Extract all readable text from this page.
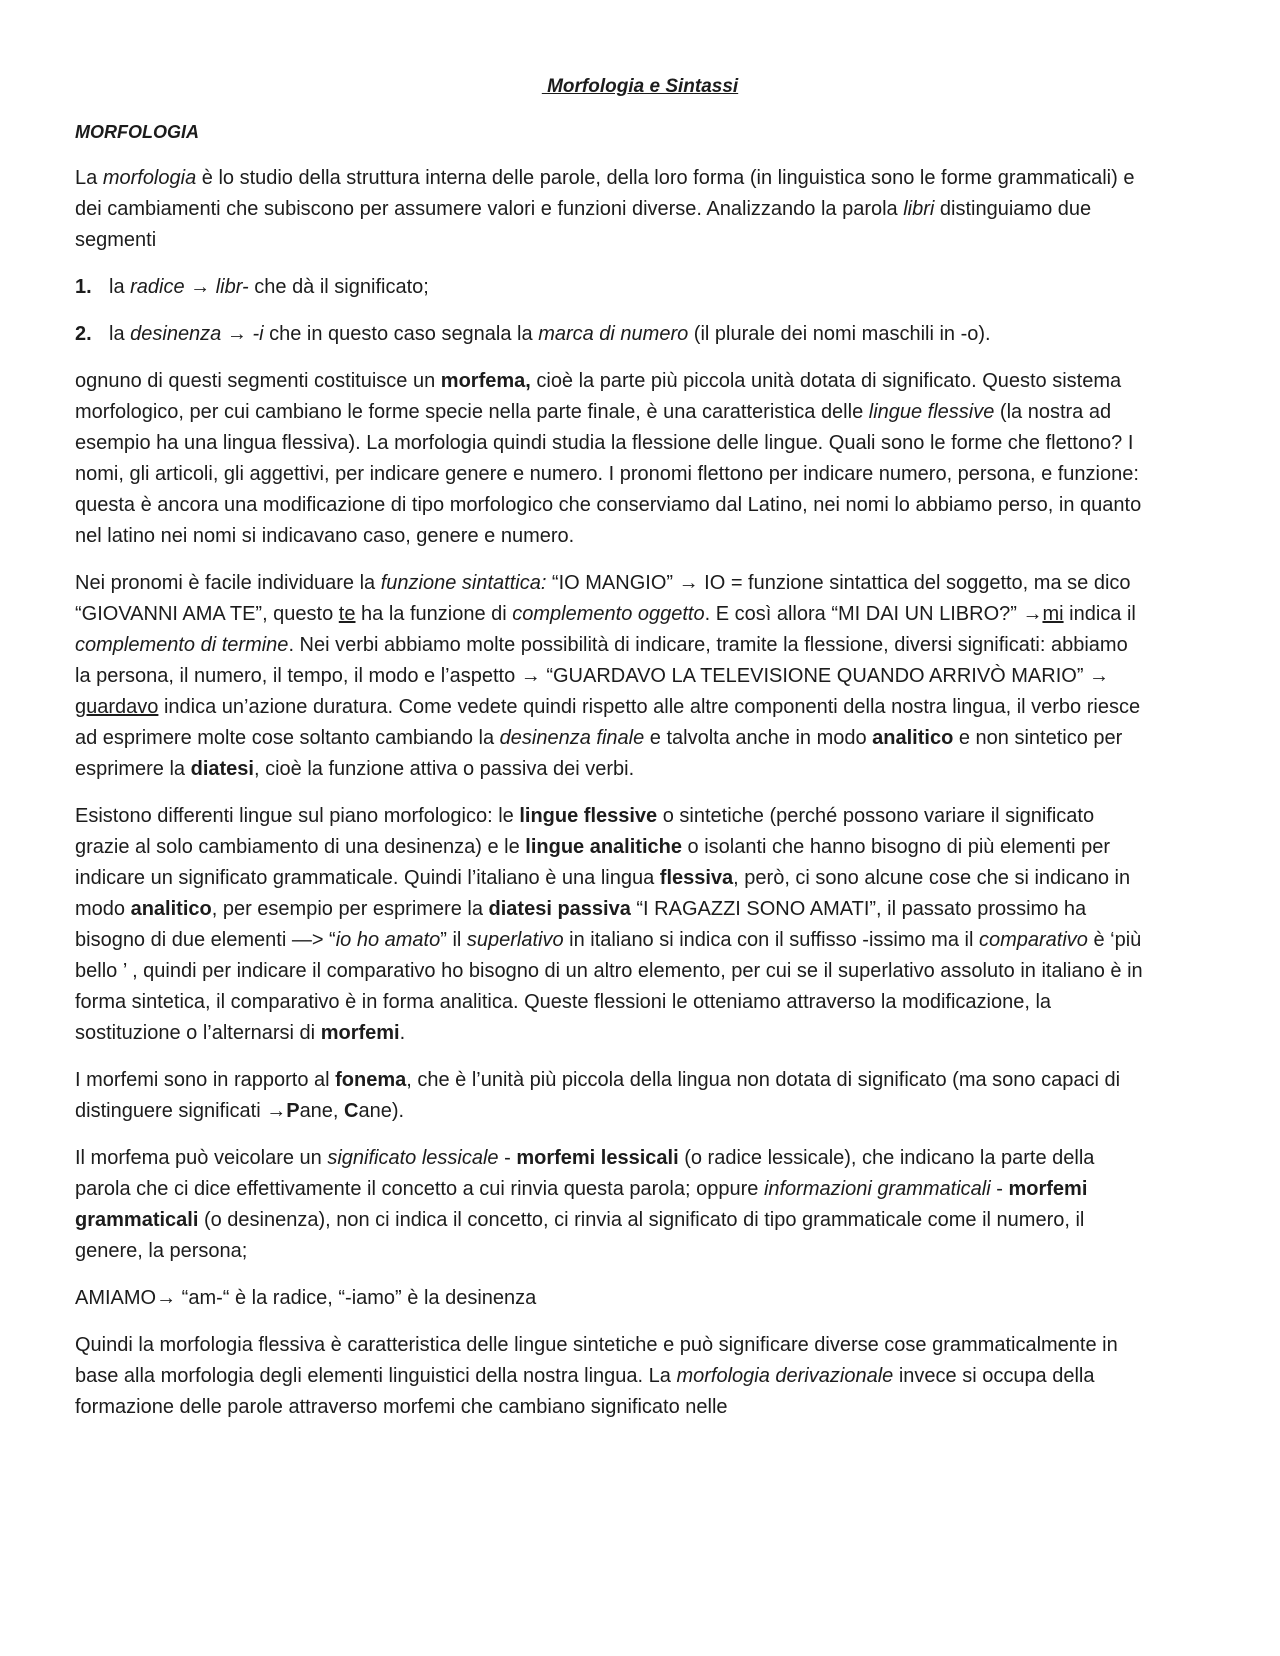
Morfologia e Sintassi
MORFOLOGIA

La morfologia è lo studio della struttura interna delle parole, della loro forma (in linguistica sono le forme grammaticali) e dei cambiamenti che subiscono per assumere valori e funzioni diverse. Analizzando la parola libri distinguiamo due segmenti

1. la radice → libr- che dà il significato;
2. la desinenza → -i che in questo caso segnala la marca di numero (il plurale dei nomi maschili in -o).

ognuno di questi segmenti costituisce un morfema, cioè la parte più piccola unità dotata di significato. Questo sistema morfologico, per cui cambiano le forme specie nella parte finale, è una caratteristica delle lingue flessive (la nostra ad esempio ha una lingua flessiva). La morfologia quindi studia la flessione delle lingue. Quali sono le forme che flettono? I nomi, gli articoli, gli aggettivi, per indicare genere e numero. I pronomi flettono per indicare numero, persona, e funzione: questa è ancora una modificazione di tipo morfologico che conserviamo dal Latino, nei nomi lo abbiamo perso, in quanto nel latino nei nomi si indicavano caso, genere e numero.

Nei pronomi è facile individuare la funzione sintattica: “IO MANGIO” → IO = funzione sintattica del soggetto, ma se dico “GIOVANNI AMA TE”, questo te ha la funzione di complemento oggetto. E così allora “MI DAI UN LIBRO?” →mi indica il complemento di termine. Nei verbi abbiamo molte possibilità di indicare, tramite la flessione, diversi significati: abbiamo la persona, il numero, il tempo, il modo e l’aspetto → “GUARDAVO LA TELEVISIONE QUANDO ARRIVÒ MARIO” → guardavo indica un’azione duratura. Come vedete quindi rispetto alle altre componenti della nostra lingua, il verbo riesce ad esprimere molte cose soltanto cambiando la desinenza finale e talvolta anche in modo analitico e non sintetico per esprimere la diatesi, cioè la funzione attiva o passiva dei verbi.

Esistono differenti lingue sul piano morfologico: le lingue flessive o sintetiche (perché possono variare il significato grazie al solo cambiamento di una desinenza) e le lingue analitiche o isolanti che hanno bisogno di più elementi per indicare un significato grammaticale. Quindi l’italiano è una lingua flessiva, però, ci sono alcune cose che si indicano in modo analitico, per esempio per esprimere la diatesi passiva “I RAGAZZI SONO AMATI”, il passato prossimo ha bisogno di due elementi —> “io ho amato” il superlativo in italiano si indica con il suffisso -issimo ma il comparativo è ‘più bello ’ , quindi per indicare il comparativo ho bisogno di un altro elemento, per cui se il superlativo assoluto in italiano è in forma sintetica, il comparativo è in forma analitica. Queste flessioni le otteniamo attraverso la modificazione, la sostituzione o l’alternarsi di morfemi.

I morfemi sono in rapporto al fonema, che è l’unità più piccola della lingua non dotata di significato (ma sono capaci di distinguere significati →Pane, Cane).

Il morfema può veicolare un significato lessicale - morfemi lessicali (o radice lessicale), che indicano la parte della parola che ci dice effettivamente il concetto a cui rinvia questa parola; oppure informazioni grammaticali - morfemi grammaticali (o desinenza), non ci indica il concetto, ci rinvia al significato di tipo grammaticale come il numero, il genere, la persona;

AMIAMO→ “am-“ è la radice, “-iamo” è la desinenza

Quindi la morfologia flessiva è caratteristica delle lingue sintetiche e può significare diverse cose grammaticalmente in base alla morfologia degli elementi linguistici della nostra lingua. La morfologia derivazionale invece si occupa della formazione delle parole attraverso morfemi che cambiano significato nelle
